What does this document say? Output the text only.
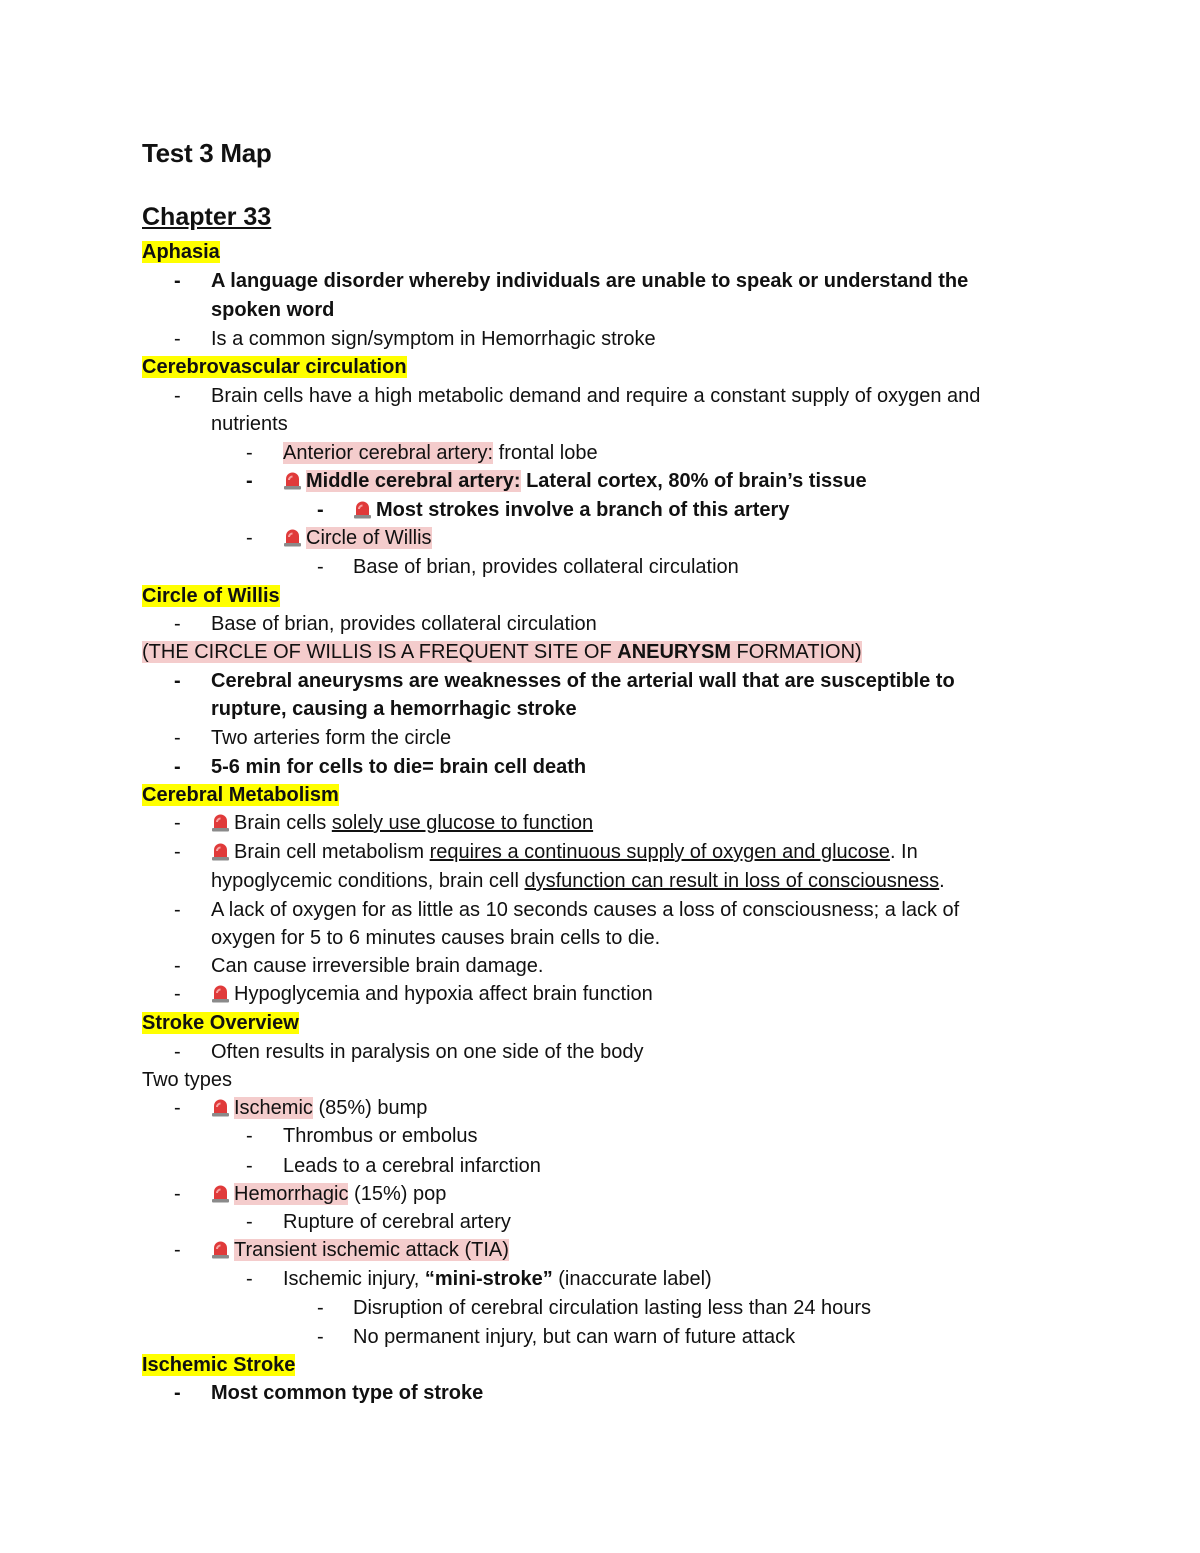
Test 3 Map
Chapter 33
Aphasia
- A language disorder whereby individuals are unable to speak or understand the
spoken word
- Is a common sign/symptom in Hemorrhagic stroke
Cerebrovascular circulation
- Brain cells have a high metabolic demand and require a constant supply of oxygen and
nutrients
- Anterior cerebral artery: frontal lobe
-	Middle cerebral artery: Lateral cortex, 80% of brain’s tissue
-	Most strokes involve a branch of this artery
-	Circle of Willis
- Base of brian, provides collateral circulation
Circle of Willis
- Base of brian, provides collateral circulation
(THE CIRCLE OF WILLIS IS A FREQUENT SITE OF ANEURYSM FORMATION)
- Cerebral aneurysms are weaknesses of the arterial wall that are susceptible to
rupture, causing a hemorrhagic stroke
- Two arteries form the circle
- 5-6 min for cells to die= brain cell death
Cerebral Metabolism
-	Brain cells solely use glucose to function
-	Brain cell metabolism requires a continuous supply of oxygen and glucose. In
hypoglycemic conditions, brain cell dysfunction can result in loss of consciousness.
- A lack of oxygen for as little as 10 seconds causes a loss of consciousness; a lack of
oxygen for 5 to 6 minutes causes brain cells to die.
- Can cause irreversible brain damage.
-	Hypoglycemia and hypoxia affect brain function
Stroke Overview
- Often results in paralysis on one side of the body
Two types
-	Ischemic (85%) bump
- Thrombus or embolus
- Leads to a cerebral infarction
-	Hemorrhagic (15%) pop
- Rupture of cerebral artery
-	Transient ischemic attack (TIA)
- Ischemic injury, “mini-stroke” (inaccurate label)
- Disruption of cerebral circulation lasting less than 24 hours
- No permanent injury, but can warn of future attack
Ischemic Stroke
- Most common type of stroke
